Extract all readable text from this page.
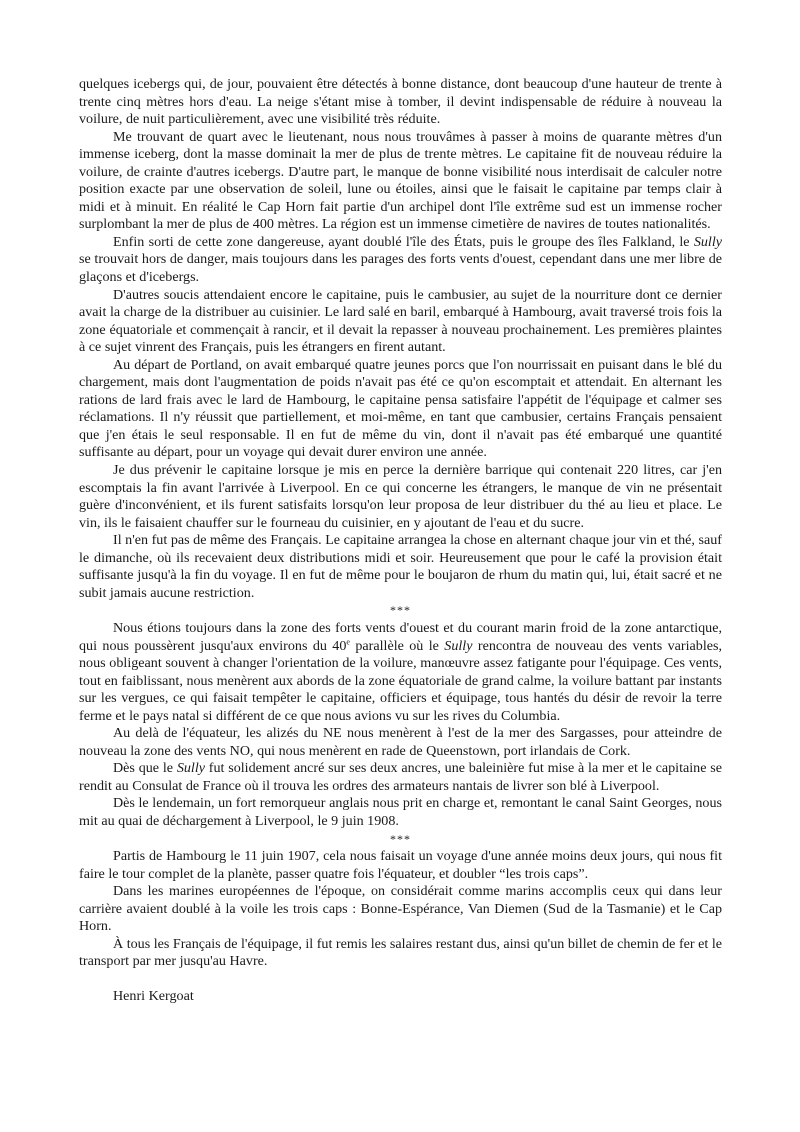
quelques icebergs qui, de jour, pouvaient être détectés à bonne distance, dont beaucoup d'une hauteur de trente à trente cinq mètres hors d'eau. La neige s'étant mise à tomber, il devint indispensable de réduire à nouveau la voilure, de nuit particulièrement, avec une visibilité très réduite.

Me trouvant de quart avec le lieutenant, nous nous trouvâmes à passer à moins de quarante mètres d'un immense iceberg, dont la masse dominait la mer de plus de trente mètres. Le capitaine fit de nouveau réduire la voilure, de crainte d'autres icebergs. D'autre part, le manque de bonne visibilité nous interdisait de calculer notre position exacte par une observation de soleil, lune ou étoiles, ainsi que le faisait le capitaine par temps clair à midi et à minuit. En réalité le Cap Horn fait partie d'un archipel dont l'île extrême sud est un immense rocher surplombant la mer de plus de 400 mètres. La région est un immense cimetière de navires de toutes nationalités.

Enfin sorti de cette zone dangereuse, ayant doublé l'île des États, puis le groupe des îles Falkland, le Sully se trouvait hors de danger, mais toujours dans les parages des forts vents d'ouest, cependant dans une mer libre de glaçons et d'icebergs.

D'autres soucis attendaient encore le capitaine, puis le cambusier, au sujet de la nourriture dont ce dernier avait la charge de la distribuer au cuisinier. Le lard salé en baril, embarqué à Hambourg, avait traversé trois fois la zone équatoriale et commençait à rancir, et il devait la repasser à nouveau prochainement. Les premières plaintes à ce sujet vinrent des Français, puis les étrangers en firent autant.

Au départ de Portland, on avait embarqué quatre jeunes porcs que l'on nourrissait en puisant dans le blé du chargement, mais dont l'augmentation de poids n'avait pas été ce qu'on escomptait et attendait. En alternant les rations de lard frais avec le lard de Hambourg, le capitaine pensa satisfaire l'appétit de l'équipage et calmer ses réclamations. Il n'y réussit que partiellement, et moi-même, en tant que cambusier, certains Français pensaient que j'en étais le seul responsable. Il en fut de même du vin, dont il n'avait pas été embarqué une quantité suffisante au départ, pour un voyage qui devait durer environ une année.

Je dus prévenir le capitaine lorsque je mis en perce la dernière barrique qui contenait 220 litres, car j'en escomptais la fin avant l'arrivée à Liverpool. En ce qui concerne les étrangers, le manque de vin ne présentait guère d'inconvénient, et ils furent satisfaits lorsqu'on leur proposa de leur distribuer du thé au lieu et place. Le vin, ils le faisaient chauffer sur le fourneau du cuisinier, en y ajoutant de l'eau et du sucre.

Il n'en fut pas de même des Français. Le capitaine arrangea la chose en alternant chaque jour vin et thé, sauf le dimanche, où ils recevaient deux distributions midi et soir. Heureusement que pour le café la provision était suffisante jusqu'à la fin du voyage. Il en fut de même pour le boujaron de rhum du matin qui, lui, était sacré et ne subit jamais aucune restriction.

***

Nous étions toujours dans la zone des forts vents d'ouest et du courant marin froid de la zone antarctique, qui nous poussèrent jusqu'aux environs du 40e parallèle où le Sully rencontra de nouveau des vents variables, nous obligeant souvent à changer l'orientation de la voilure, manœuvre assez fatigante pour l'équipage. Ces vents, tout en faiblissant, nous menèrent aux abords de la zone équatoriale de grand calme, la voilure battant par instants sur les vergues, ce qui faisait tempêter le capitaine, officiers et équipage, tous hantés du désir de revoir la terre ferme et le pays natal si différent de ce que nous avions vu sur les rives du Columbia.

Au delà de l'équateur, les alizés du NE nous menèrent à l'est de la mer des Sargasses, pour atteindre de nouveau la zone des vents NO, qui nous menèrent en rade de Queenstown, port irlandais de Cork.

Dès que le Sully fut solidement ancré sur ses deux ancres, une baleinière fut mise à la mer et le capitaine se rendit au Consulat de France où il trouva les ordres des armateurs nantais de livrer son blé à Liverpool.

Dès le lendemain, un fort remorqueur anglais nous prit en charge et, remontant le canal Saint Georges, nous mit au quai de déchargement à Liverpool, le 9 juin 1908.

***

Partis de Hambourg le 11 juin 1907, cela nous faisait un voyage d'une année moins deux jours, qui nous fit faire le tour complet de la planète, passer quatre fois l'équateur, et doubler “les trois caps”.

Dans les marines européennes de l'époque, on considérait comme marins accomplis ceux qui dans leur carrière avaient doublé à la voile les trois caps : Bonne-Espérance, Van Diemen (Sud de la Tasmanie) et le Cap Horn.

À tous les Français de l'équipage, il fut remis les salaires restant dus, ainsi qu'un billet de chemin de fer et le transport par mer jusqu'au Havre.

Henri Kergoat
